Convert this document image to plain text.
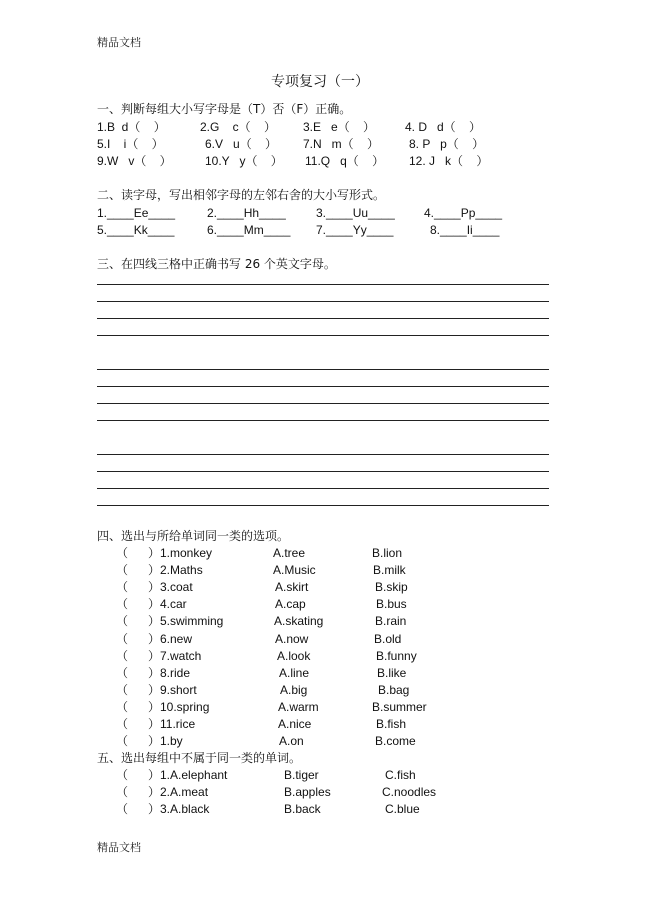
精品文档
专项复习（一）
一、判断每组大小写字母是（T）否（F）正确。
1.B  d（    ）	2.G    c（    ） 3.E   e（    ） 4. D   d（    ）
5.I    i（    ）	6.V   u（    ） 7.N   m（    ） 8. P   p（    ）
9.W   v（    ）	10.Y   y（    ） 11.Q   q（    ） 12. J   k（    ）
二、读字母，写出相邻字母的左邻右舍的大小写形式。
1.____Ee____	2.____Hh____	3.____Uu____ 4.____Pp____
5.____Kk____	6.____Mm____ 7.____Yy____	8.____Ii____
三、在四线三格中正确书写 26 个英文字母。
四、选出与所给单词同一类的选项。
（      ）1.monkey	A.tree	B.lion
（      ）2.Maths	A.Music	B.milk
（      ）3.coat	A.skirt	B.skip
（      ）4.car	A.cap	B.bus
（      ）5.swimming	A.skating	B.rain
（      ）6.new	A.now	B.old
（      ）7.watch	A.look	B.funny
（      ）8.ride	A.line	B.like
（      ）9.short	A.big	B.bag
（      ）10.spring	A.warm	B.summer
（      ）11.rice	A.nice	B.fish
（      ）1.by	A.on	B.come
五、选出每组中不属于同一类的单词。
（      ）1.A.elephant	B.tiger	C.fish
（      ）2.A.meat	B.apples	C.noodles
（      ）3.A.black	B.back	C.blue
精品文档
